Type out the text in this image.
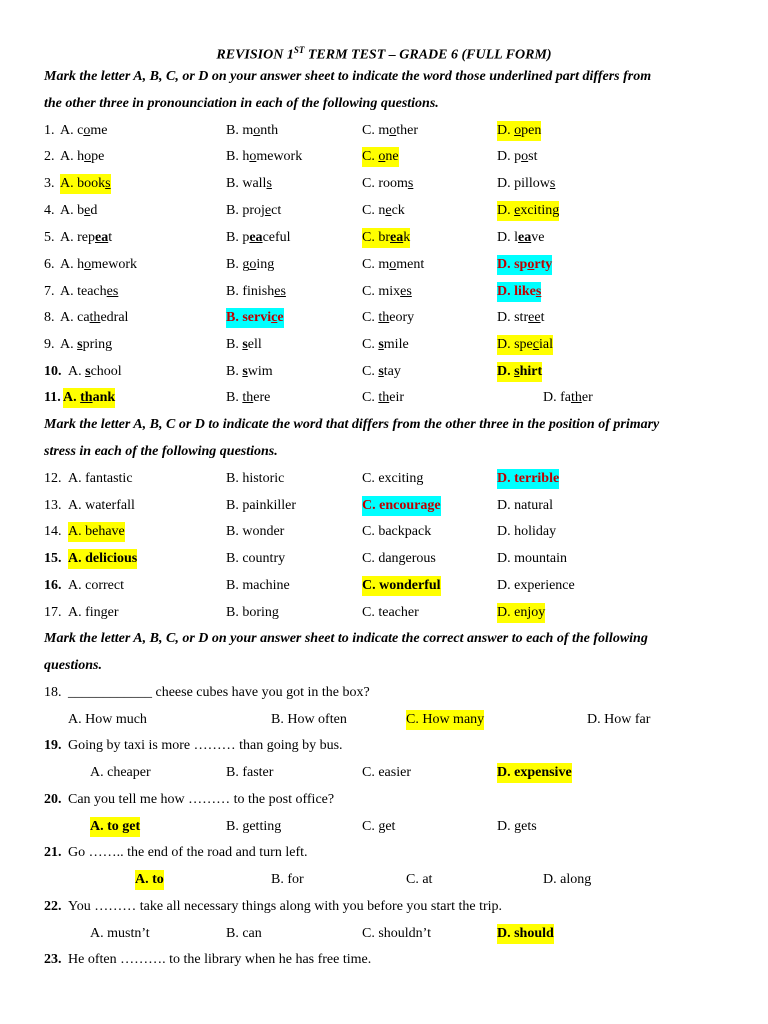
REVISION 1ST TERM TEST – GRADE 6 (FULL FORM)
Mark the letter A, B, C, or D on your answer sheet to indicate the word those underlined part differs from
the other three in pronounciation in each of the following questions.
1. A. come	B. month	C. mother	D. open
2. A. hope	B. homework	C. one	D. post
3. A. books	B. walls	C. rooms	D. pillows
4. A. bed	B. project	C. neck	D. exciting
5. A. repeat	B. peaceful	C. break	D. leave
6. A. homework	B. going	C. moment	D. sporty
7. A. teaches	B. finishes	C. mixes	D. likes
8. A. cathedral	B. service	C. theory	D. street
9. A. spring	B. sell	C. smile	D. special
10. A. school	B. swim	C. stay	D. shirt
11. A. thank	B. there	C. their	D. father
Mark the letter A, B, C or D to indicate the word that differs from the other three in the position of primary
stress in each of the following questions.
12. A. fantastic	B. historic	C. exciting	D. terrible
13. A. waterfall	B. painkiller	C. encourage	D. natural
14. A. behave	B. wonder	C. backpack	D. holiday
15. A. delicious	B. country	C. dangerous	D. mountain
16. A. correct	B. machine	C. wonderful	D. experience
17. A. finger	B. boring	C. teacher	D. enjoy
Mark the letter A, B, C, or D on your answer sheet to indicate the correct answer to each of the following
questions.
18. ____________ cheese cubes have you got in the box?
A. How much	B. How often	C. How many	D. How far
19. Going by taxi is more ……… than going by bus.
A. cheaper	B. faster	C. easier	D. expensive
20. Can you tell me how ……… to the post office?
A. to get	B. getting	C. get	D. gets
21. Go …….. the end of the road and turn left.
A. to	B. for	C. at	D. along
22. You ……… take all necessary things along with you before you start the trip.
A. mustn’t	B. can	C. shouldn’t	D. should
23. He often ………. to the library when he has free time.
